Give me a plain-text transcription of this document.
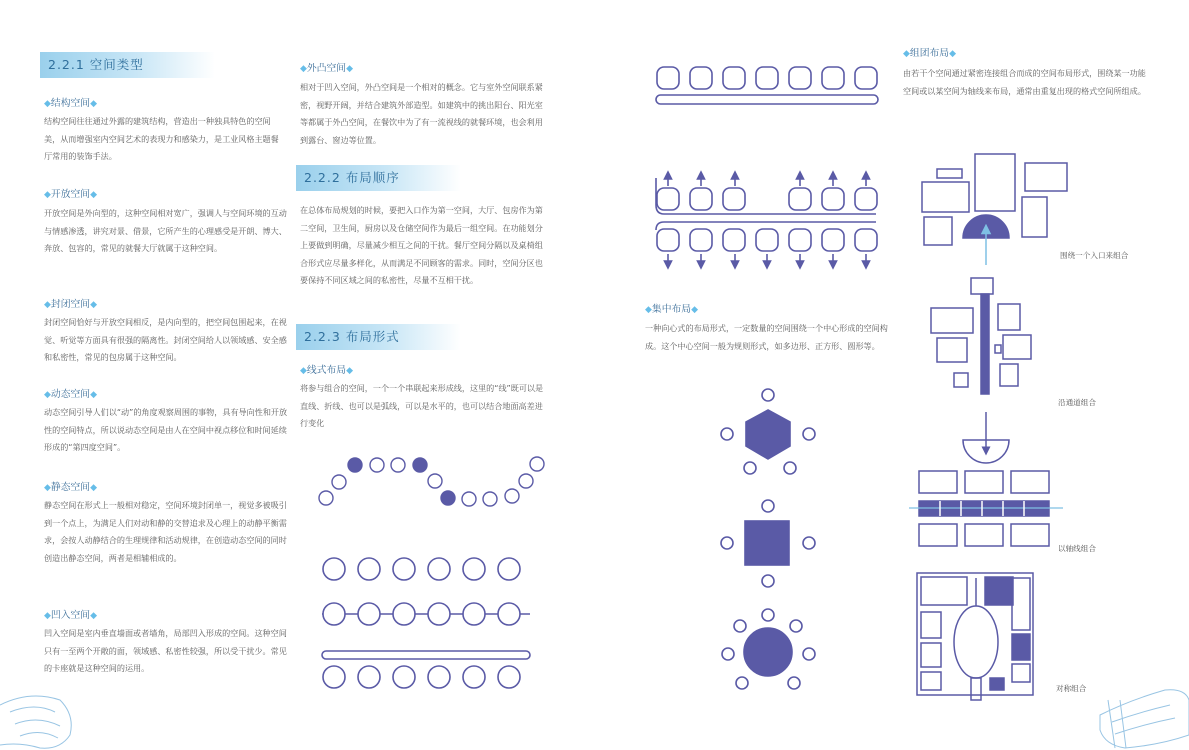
2.2.1 空间类型
◆结构空间◆
结构空间往往通过外露的建筑结构，营造出一种独具特色的空间美，从而增强室内空间艺术的表现力和感染力，是工业风格主题餐厅常用的装饰手法。
◆开放空间◆
开放空间是外向型的，这种空间相对宽广，强调人与空间环境的互动与情感渗透，讲究对景、借景，它所产生的心理感受是开朗、博大、奔放、包容的，常见的就餐大厅就属于这种空间。
◆封闭空间◆
封闭空间恰好与开放空间相反，是内向型的，把空间包围起来，在视觉、听觉等方面具有很强的隔离性。封闭空间给人以领域感、安全感和私密性，常见的包房属于这种空间。
◆动态空间◆
动态空间引导人们以“动”的角度观察周围的事物，具有导向性和开放性的空间特点，所以说动态空间是由人在空间中视点移位和时间延续形成的“第四度空间”。
◆静态空间◆
静态空间在形式上一般相对稳定，空间环境封闭单一，视觉多被吸引到一个点上，为满足人们对动和静的交替追求及心理上的动静平衡需求，会按人动静结合的生理规律和活动规律，在创造动态空间的同时创造出静态空间，两者是相辅相成的。
◆凹入空间◆
凹入空间是室内垂直墙面或者墙角，局部凹入形成的空间。这种空间只有一至两个开敞的面，领域感、私密性较强，所以受干扰少。常见的卡座就是这种空间的运用。
◆外凸空间◆
相对于凹入空间，外凸空间是一个相对的概念。它与室外空间联系紧密，视野开阔，并结合建筑外部造型。如建筑中的挑出阳台、阳光室等都属于外凸空间，在餐饮中为了有一流视线的就餐环境，也会利用到露台、窗边等位置。
2.2.2 布局顺序
在总体布局规划的时候，要把入口作为第一空间，大厅、包房作为第二空间，卫生间，厨房以及仓储空间作为最后一组空间。在功能划分上要做到明确，尽量减少相互之间的干扰。餐厅空间分隔以及桌椅组合形式应尽量多样化，从而满足不同顾客的需求。同时，空间分区也要保持不同区域之间的私密性，尽量不互相干扰。
2.2.3 布局形式
◆线式布局◆
将参与组合的空间，一个一个串联起来形成线，这里的“线”既可以是直线、折线、也可以是弧线，可以是水平的，也可以结合地面高差进行变化
◆集中布局◆
一种向心式的布局形式，一定数量的空间围绕一个中心形成的空间构成。这个中心空间一般为规则形式，如多边形、正方形、圆形等。
◆组团布局◆
由若干个空间通过紧密连接组合而成的空间布局形式，围绕某一功能空间或以某空间为轴线来布局，通常由重复出现的格式空间所组成。
围绕一个入口来组合
沿通道组合
以轴线组合
对称组合
